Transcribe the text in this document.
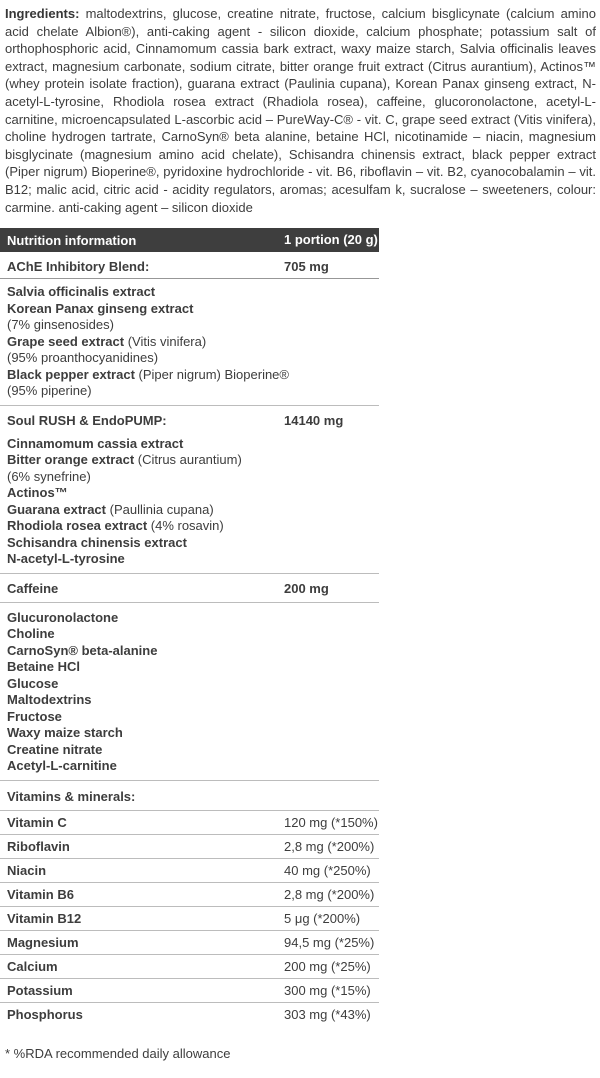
Ingredients: maltodextrins, glucose, creatine nitrate, fructose, calcium bisglicynate (calcium amino acid chelate Albion®), anti-caking agent - silicon dioxide, calcium phosphate; potassium salt of orthophosphoric acid, Cinnamomum cassia bark extract, waxy maize starch, Salvia officinalis leaves extract, magnesium carbonate, sodium citrate, bitter orange fruit extract (Citrus aurantium), Actinos™ (whey protein isolate fraction), guarana extract (Paulinia cupana), Korean Panax ginseng extract, N-acetyl-L-tyrosine, Rhodiola rosea extract (Rhadiola rosea), caffeine, glucoronolactone, acetyl-L-carnitine, microencapsulated L-ascorbic acid – PureWay-C® - vit. C, grape seed extract (Vitis vinifera), choline hydrogen tartrate, CarnoSyn® beta alanine, betaine HCl, nicotinamide – niacin, magnesium bisglycinate (magnesium amino acid chelate), Schisandra chinensis extract, black pepper extract (Piper nigrum) Bioperine®, pyridoxine hydrochloride - vit. B6, riboflavin – vit. B2, cyanocobalamin – vit. B12; malic acid, citric acid - acidity regulators, aromas; acesulfam k, sucralose – sweeteners, colour: carmine. anti-caking agent – silicon dioxide

Nutrition information	1 portion (20 g)
AChE Inhibitory Blend:	705 mg
Salvia officinalis extract
Korean Panax ginseng extract
(7% ginsenosides)
Grape seed extract (Vitis vinifera)
(95% proanthocyanidines)
Black pepper extract (Piper nigrum) Bioperine®
(95% piperine)
Soul RUSH & EndoPUMP:	14140 mg
Cinnamomum cassia extract
Bitter orange extract (Citrus aurantium)
(6% synefrine)
Actinos™
Guarana extract (Paullinia cupana)
Rhodiola rosea extract (4% rosavin)
Schisandra chinensis extract
N-acetyl-L-tyrosine
Caffeine	200 mg
Glucuronolactone
Choline
CarnoSyn® beta-alanine
Betaine HCl
Glucose
Maltodextrins
Fructose
Waxy maize starch
Creatine nitrate
Acetyl-L-carnitine
Vitamins & minerals:
Vitamin C	120 mg (*150%)
Riboflavin	2,8 mg (*200%)
Niacin	40 mg (*250%)
Vitamin B6	2,8 mg (*200%)
Vitamin B12	5 μg (*200%)
Magnesium	94,5 mg (*25%)
Calcium	200 mg (*25%)
Potassium	300 mg (*15%)
Phosphorus	303 mg (*43%)
* %RDA recommended daily allowance
